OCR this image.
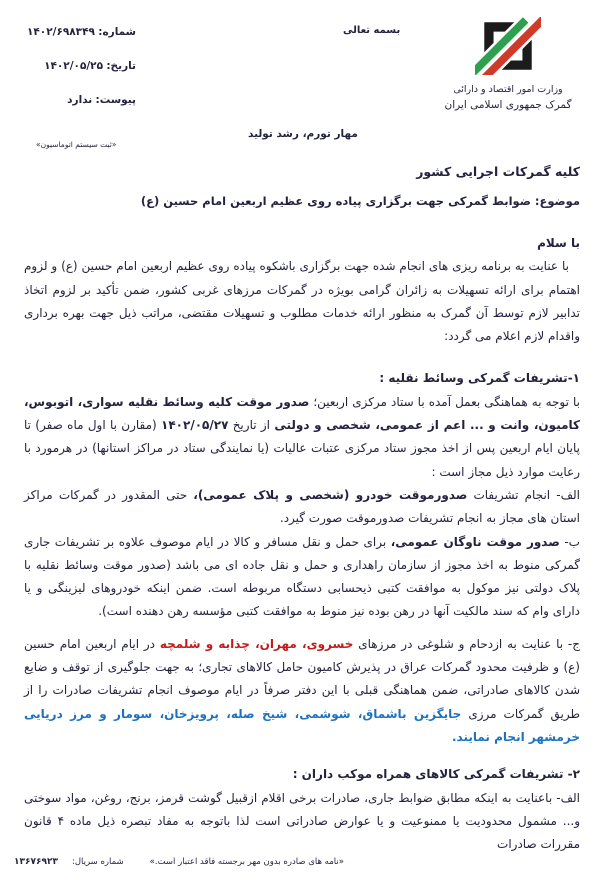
شماره: ۱۴۰۲/۶۹۸۳۴۹
تاریخ: ۱۴۰۲/۰۵/۲۵
پیوست: ندارد
بسمه تعالی
وزارت امور اقتصاد و دارائی
گمرک جمهوری اسلامی ایران
مهار تورم، رشد تولید
«ثبت سیستم اتوماسیون»
کلیه گمرکات اجرایی کشور
موضوع: ضوابط گمرکی جهت برگزاری پیاده روی عظیم اربعین امام حسین (ع)
با سلام
با عنایت به برنامه ریزی های انجام شده جهت برگزاری باشکوه پیاده روی عظیم اربعین امام حسین (ع) و لزوم اهتمام برای ارائه تسهیلات به زائران گرامی بویژه در گمرکات مرزهای غربی کشور، ضمن تأکید بر لزوم اتخاذ تدابیر لازم توسط آن گمرک به منظور ارائه خدمات مطلوب و تسهیلات مقتضی، مراتب ذیل جهت بهره برداری واقدام لازم اعلام می گردد:
۱-تشریفات گمرکی وسائط نقلیه :
با توجه به هماهنگی بعمل آمده با ستاد مرکزی اربعین؛ صدور موقت کلیه وسائط نقلیه سواری، اتوبوس، کامیون، وانت و ... اعم از عمومی، شخصی و دولتی از تاریخ ۱۴۰۲/۰۵/۲۷ (مقارن با اول ماه صفر) تا پایان ایام اربعین پس از اخذ مجوز ستاد مرکزی عتبات عالیات (یا نمایندگی ستاد در مراکز استانها) در هرمورد با رعایت موارد ذیل مجاز است :
الف- انجام تشریفات صدورموقت خودرو (شخصی و پلاک عمومی)، حتی المقدور در گمرکات مراکز استان های مجاز به انجام تشریفات صدورموقت صورت گیرد.
ب- صدور موقت ناوگان عمومی، برای حمل و نقل مسافر و کالا در ایام موصوف علاوه بر تشریفات جاری گمرکی منوط به اخذ مجوز از سازمان راهداری و حمل و نقل جاده ای می باشد (صدور موقت وسائط نقلیه با پلاک دولتی نیز موکول به موافقت کتبی ذیحسابی دستگاه مربوطه است. ضمن اینکه خودروهای لیزینگی و یا دارای وام که سند مالکیت آنها در رهن بوده نیز منوط به موافقت کتبی مؤسسه رهن دهنده است).
ج- با عنایت به ازدحام و شلوغی در مرزهای خسروی، مهران، چذابه و شلمچه در ایام اربعین امام حسین (ع) و ظرفیت محدود گمرکات عراق در پذیرش کامیون حامل کالاهای تجاری؛ به جهت جلوگیری از توقف و ضایع شدن کالاهای صادراتی، ضمن هماهنگی قبلی با این دفتر صرفاً در ایام موصوف انجام تشریفات صادرات را از طریق گمرکات مرزی جایگزین باشماق، شوشمی، شیخ صله، پرویزخان، سومار و مرز دریایی خرمشهر انجام نمایند.
۲- تشریفات گمرکی کالاهای همراه موکب داران :
الف- باعنایت به اینکه مطابق ضوابط جاری، صادرات برخی اقلام ازقبیل گوشت قرمز، برنج، روغن، مواد سوختی و... مشمول محدودیت یا ممنوعیت و یا عوارض صادراتی است لذا باتوجه به مفاد تبصره ذیل ماده ۴ قانون مقررات صادرات
«نامه های صادره بدون مهر برجسته فاقد اعتبار است.»
شماره سریال:
۱۳۶۷۶۹۲۳
